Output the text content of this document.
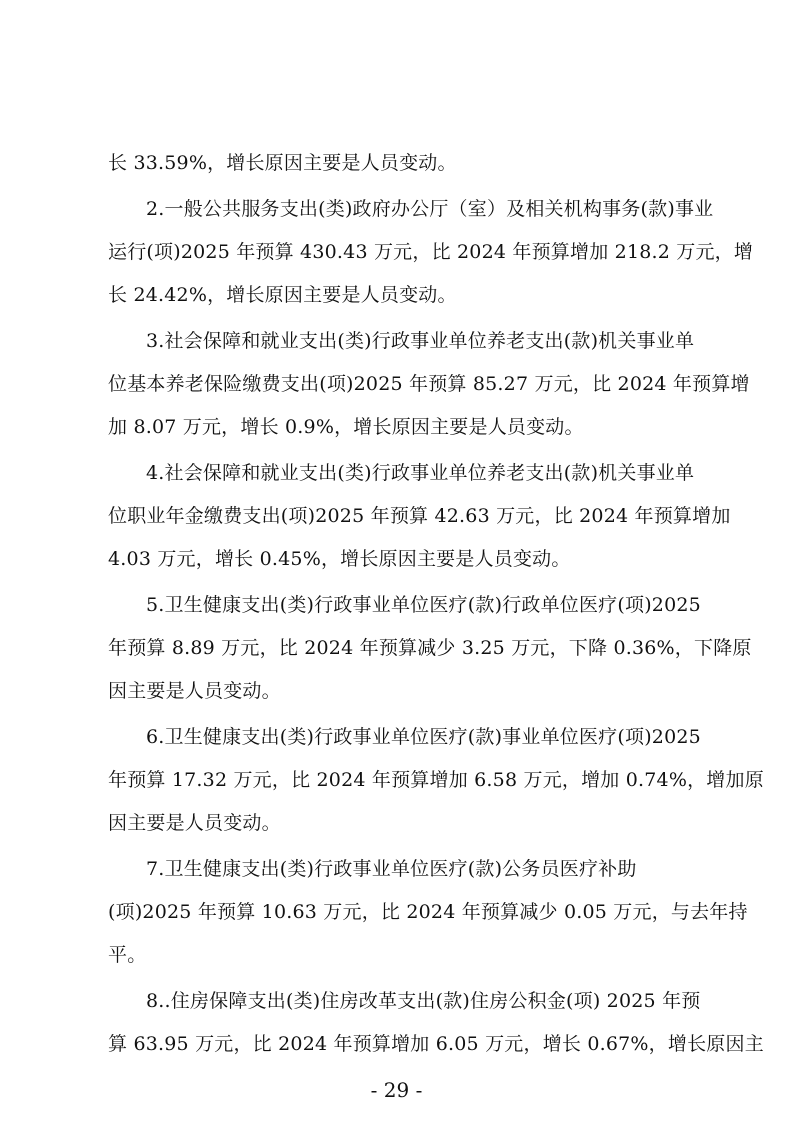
长 33.59%，增长原因主要是人员变动。
2.一般公共服务支出(类)政府办公厅（室）及相关机构事务(款)事业
运行(项)2025 年预算 430.43 万元，比 2024 年预算增加 218.2 万元，增
长 24.42%，增长原因主要是人员变动。
3.社会保障和就业支出(类)行政事业单位养老支出(款)机关事业单
位基本养老保险缴费支出(项)2025 年预算 85.27 万元，比 2024 年预算增
加 8.07 万元，增长 0.9%，增长原因主要是人员变动。
4.社会保障和就业支出(类)行政事业单位养老支出(款)机关事业单
位职业年金缴费支出(项)2025 年预算 42.63 万元，比 2024 年预算增加
4.03 万元，增长 0.45%，增长原因主要是人员变动。
5.卫生健康支出(类)行政事业单位医疗(款)行政单位医疗(项)2025
年预算 8.89 万元，比 2024 年预算减少 3.25 万元，下降 0.36%，下降原
因主要是人员变动。
6.卫生健康支出(类)行政事业单位医疗(款)事业单位医疗(项)2025
年预算 17.32 万元，比 2024 年预算增加 6.58 万元，增加 0.74%，增加原
因主要是人员变动。
7.卫生健康支出(类)行政事业单位医疗(款)公务员医疗补助
(项)2025 年预算 10.63 万元，比 2024 年预算减少 0.05 万元，与去年持
平。
8..住房保障支出(类)住房改革支出(款)住房公积金(项) 2025 年预
- 29 -
算 63.95 万元，比 2024 年预算增加 6.05 万元，增长 0.67%，增长原因主
